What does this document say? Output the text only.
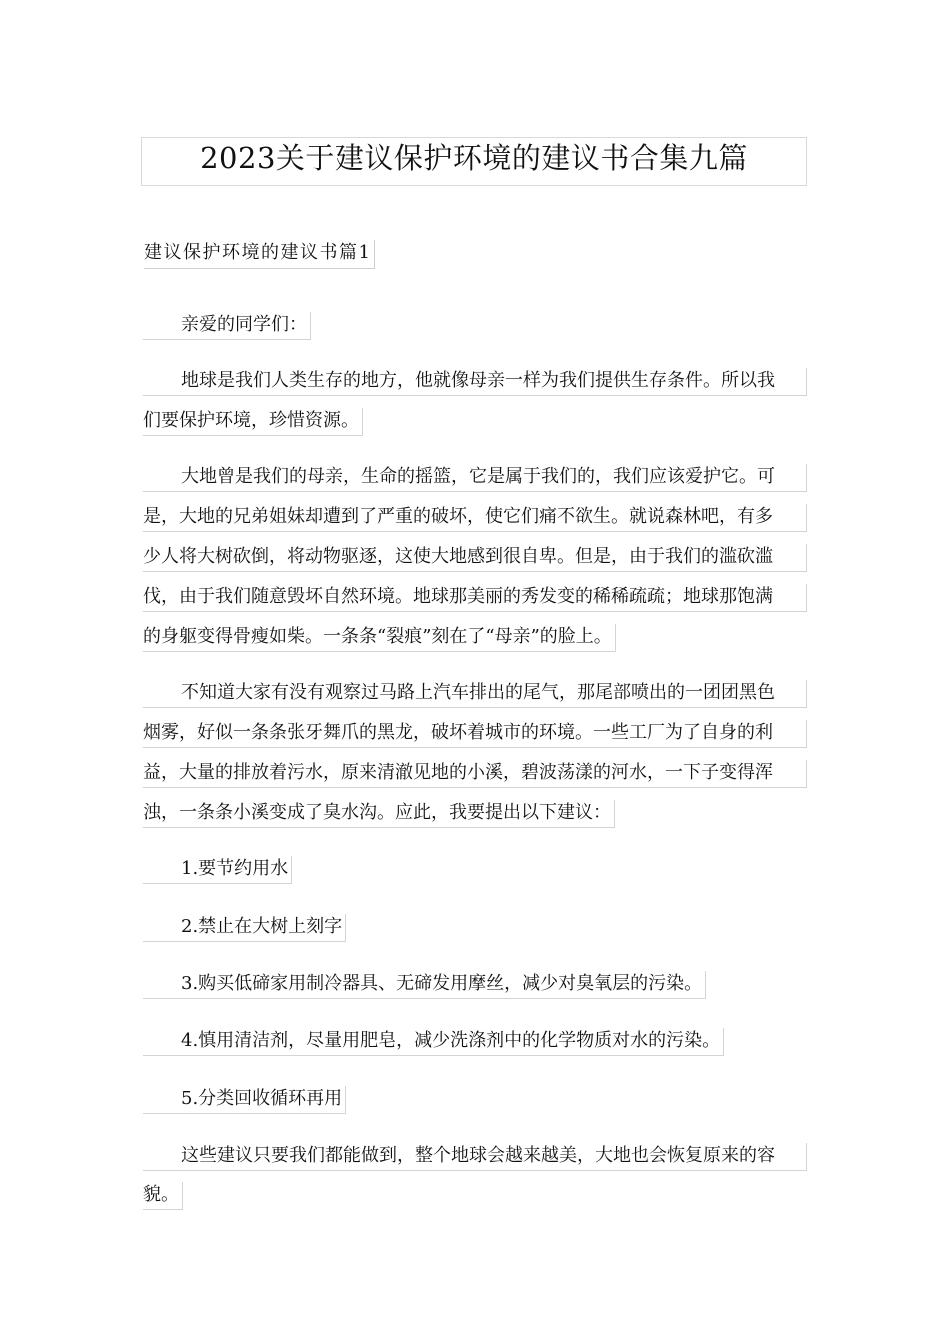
2023关于建议保护环境的建议书合集九篇
建议保护环境的建议书篇1
亲爱的同学们：
地球是我们人类生存的地方，他就像母亲一样为我们提供生存条件。所以我
们要保护环境，珍惜资源。
大地曾是我们的母亲，生命的摇篮，它是属于我们的，我们应该爱护它。可
是，大地的兄弟姐妹却遭到了严重的破坏，使它们痛不欲生。就说森林吧，有多
少人将大树砍倒，将动物驱逐，这使大地感到很自卑。但是，由于我们的滥砍滥
伐，由于我们随意毁坏自然环境。地球那美丽的秀发变的稀稀疏疏；地球那饱满
的身躯变得骨瘦如柴。一条条“裂痕”刻在了“母亲”的脸上。
不知道大家有没有观察过马路上汽车排出的尾气，那尾部喷出的一团团黑色
烟雾，好似一条条张牙舞爪的黑龙，破坏着城市的环境。一些工厂为了自身的利
益，大量的排放着污水，原来清澈见地的小溪，碧波荡漾的河水，一下子变得浑
浊，一条条小溪变成了臭水沟。应此，我要提出以下建议：
1.要节约用水
2.禁止在大树上刻字
3.购买低碲家用制冷器具、无碲发用摩丝，减少对臭氧层的污染。
4.慎用清洁剂，尽量用肥皂，减少洗涤剂中的化学物质对水的污染。
5.分类回收循环再用
这些建议只要我们都能做到，整个地球会越来越美，大地也会恢复原来的容
貌。
